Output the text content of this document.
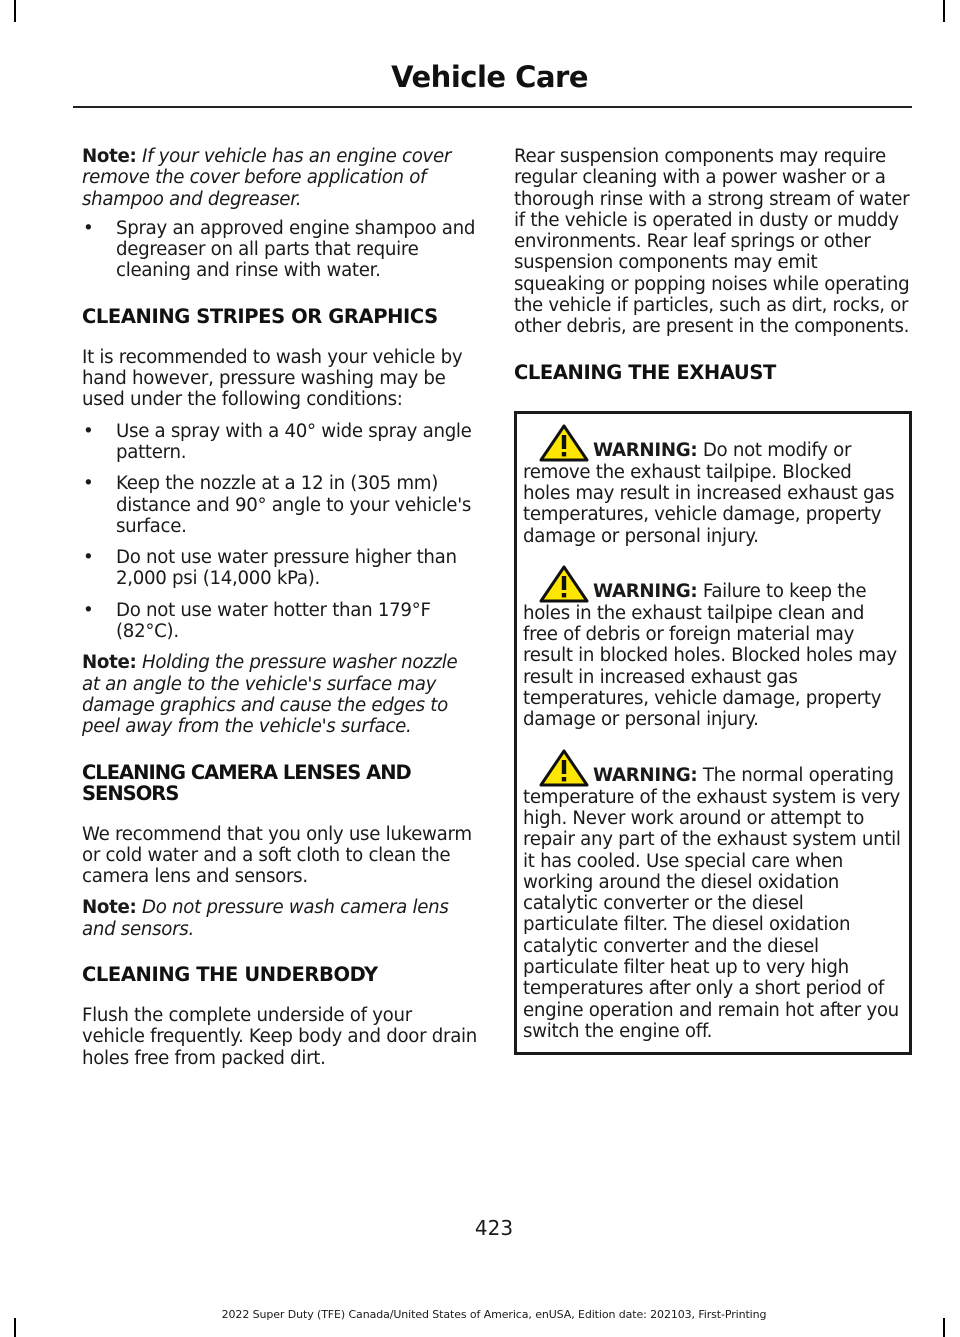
Vehicle Care

Note: If your vehicle has an engine cover remove the cover before application of shampoo and degreaser.

• Spray an approved engine shampoo and degreaser on all parts that require cleaning and rinse with water.
CLEANING STRIPES OR GRAPHICS

It is recommended to wash your vehicle by hand however, pressure washing may be used under the following conditions:

• Use a spray with a 40° wide spray angle pattern.
• Keep the nozzle at a 12 in (305 mm) distance and 90° angle to your vehicle's surface.
• Do not use water pressure higher than 2,000 psi (14,000 kPa).
• Do not use water hotter than 179°F (82°C).

Note: Holding the pressure washer nozzle at an angle to the vehicle's surface may damage graphics and cause the edges to peel away from the vehicle's surface.

CLEANING CAMERA LENSES AND SENSORS

We recommend that you only use lukewarm or cold water and a soft cloth to clean the camera lens and sensors.

Note: Do not pressure wash camera lens and sensors.

CLEANING THE UNDERBODY

Flush the complete underside of your vehicle frequently. Keep body and door drain holes free from packed dirt.

Rear suspension components may require regular cleaning with a power washer or a thorough rinse with a strong stream of water if the vehicle is operated in dusty or muddy environments. Rear leaf springs or other suspension components may emit squeaking or popping noises while operating the vehicle if particles, such as dirt, rocks, or other debris, are present in the components.

CLEANING THE EXHAUST

WARNING: Do not modify or remove the exhaust tailpipe. Blocked holes may result in increased exhaust gas temperatures, vehicle damage, property damage or personal injury.

WARNING: Failure to keep the holes in the exhaust tailpipe clean and free of debris or foreign material may result in blocked holes. Blocked holes may result in increased exhaust gas temperatures, vehicle damage, property damage or personal injury.

WARNING: The normal operating temperature of the exhaust system is very high. Never work around or attempt to repair any part of the exhaust system until it has cooled. Use special care when working around the diesel oxidation catalytic converter or the diesel particulate filter. The diesel oxidation catalytic converter and the diesel particulate filter heat up to very high temperatures after only a short period of engine operation and remain hot after you switch the engine off.

423
2022 Super Duty (TFE) Canada/United States of America, enUSA, Edition date: 202103, First-Printing
